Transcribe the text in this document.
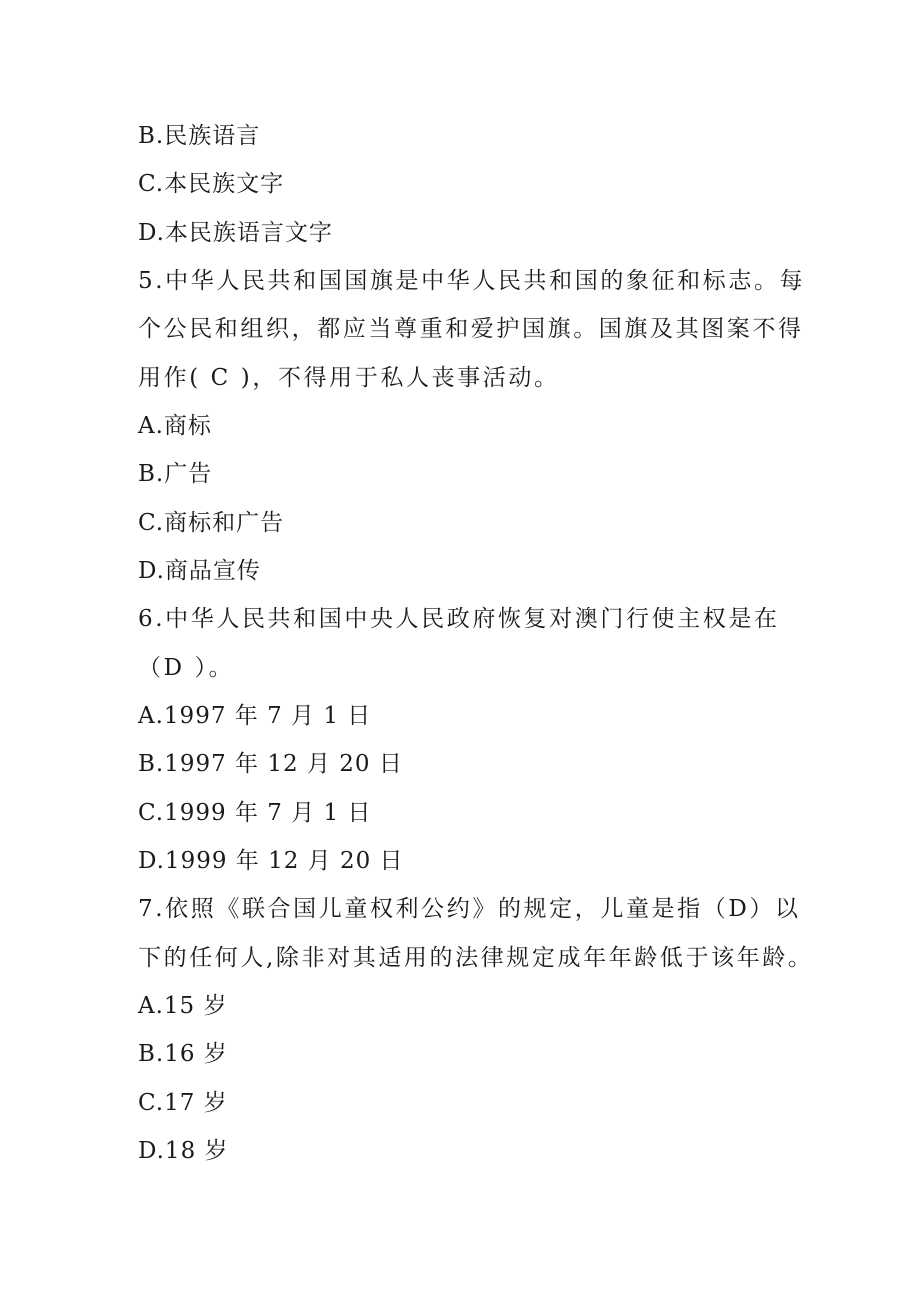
B.民族语言
C.本民族文字
D.本民族语言文字
5.中华人民共和国国旗是中华人民共和国的象征和标志。每
个公民和组织，都应当尊重和爱护国旗。国旗及其图案不得
用作( C )，不得用于私人丧事活动。
A.商标
B.广告
C.商标和广告
D.商品宣传
6.中华人民共和国中央人民政府恢复对澳门行使主权是在
（D ）。
A.1997 年 7 月 1 日
B.1997 年 12 月 20 日
C.1999 年 7 月 1 日
D.1999 年 12 月 20 日
7.依照《联合国儿童权利公约》的规定，儿童是指（D）以
下的任何人,除非对其适用的法律规定成年年龄低于该年龄。
A.15 岁
B.16 岁
C.17 岁
D.18 岁
